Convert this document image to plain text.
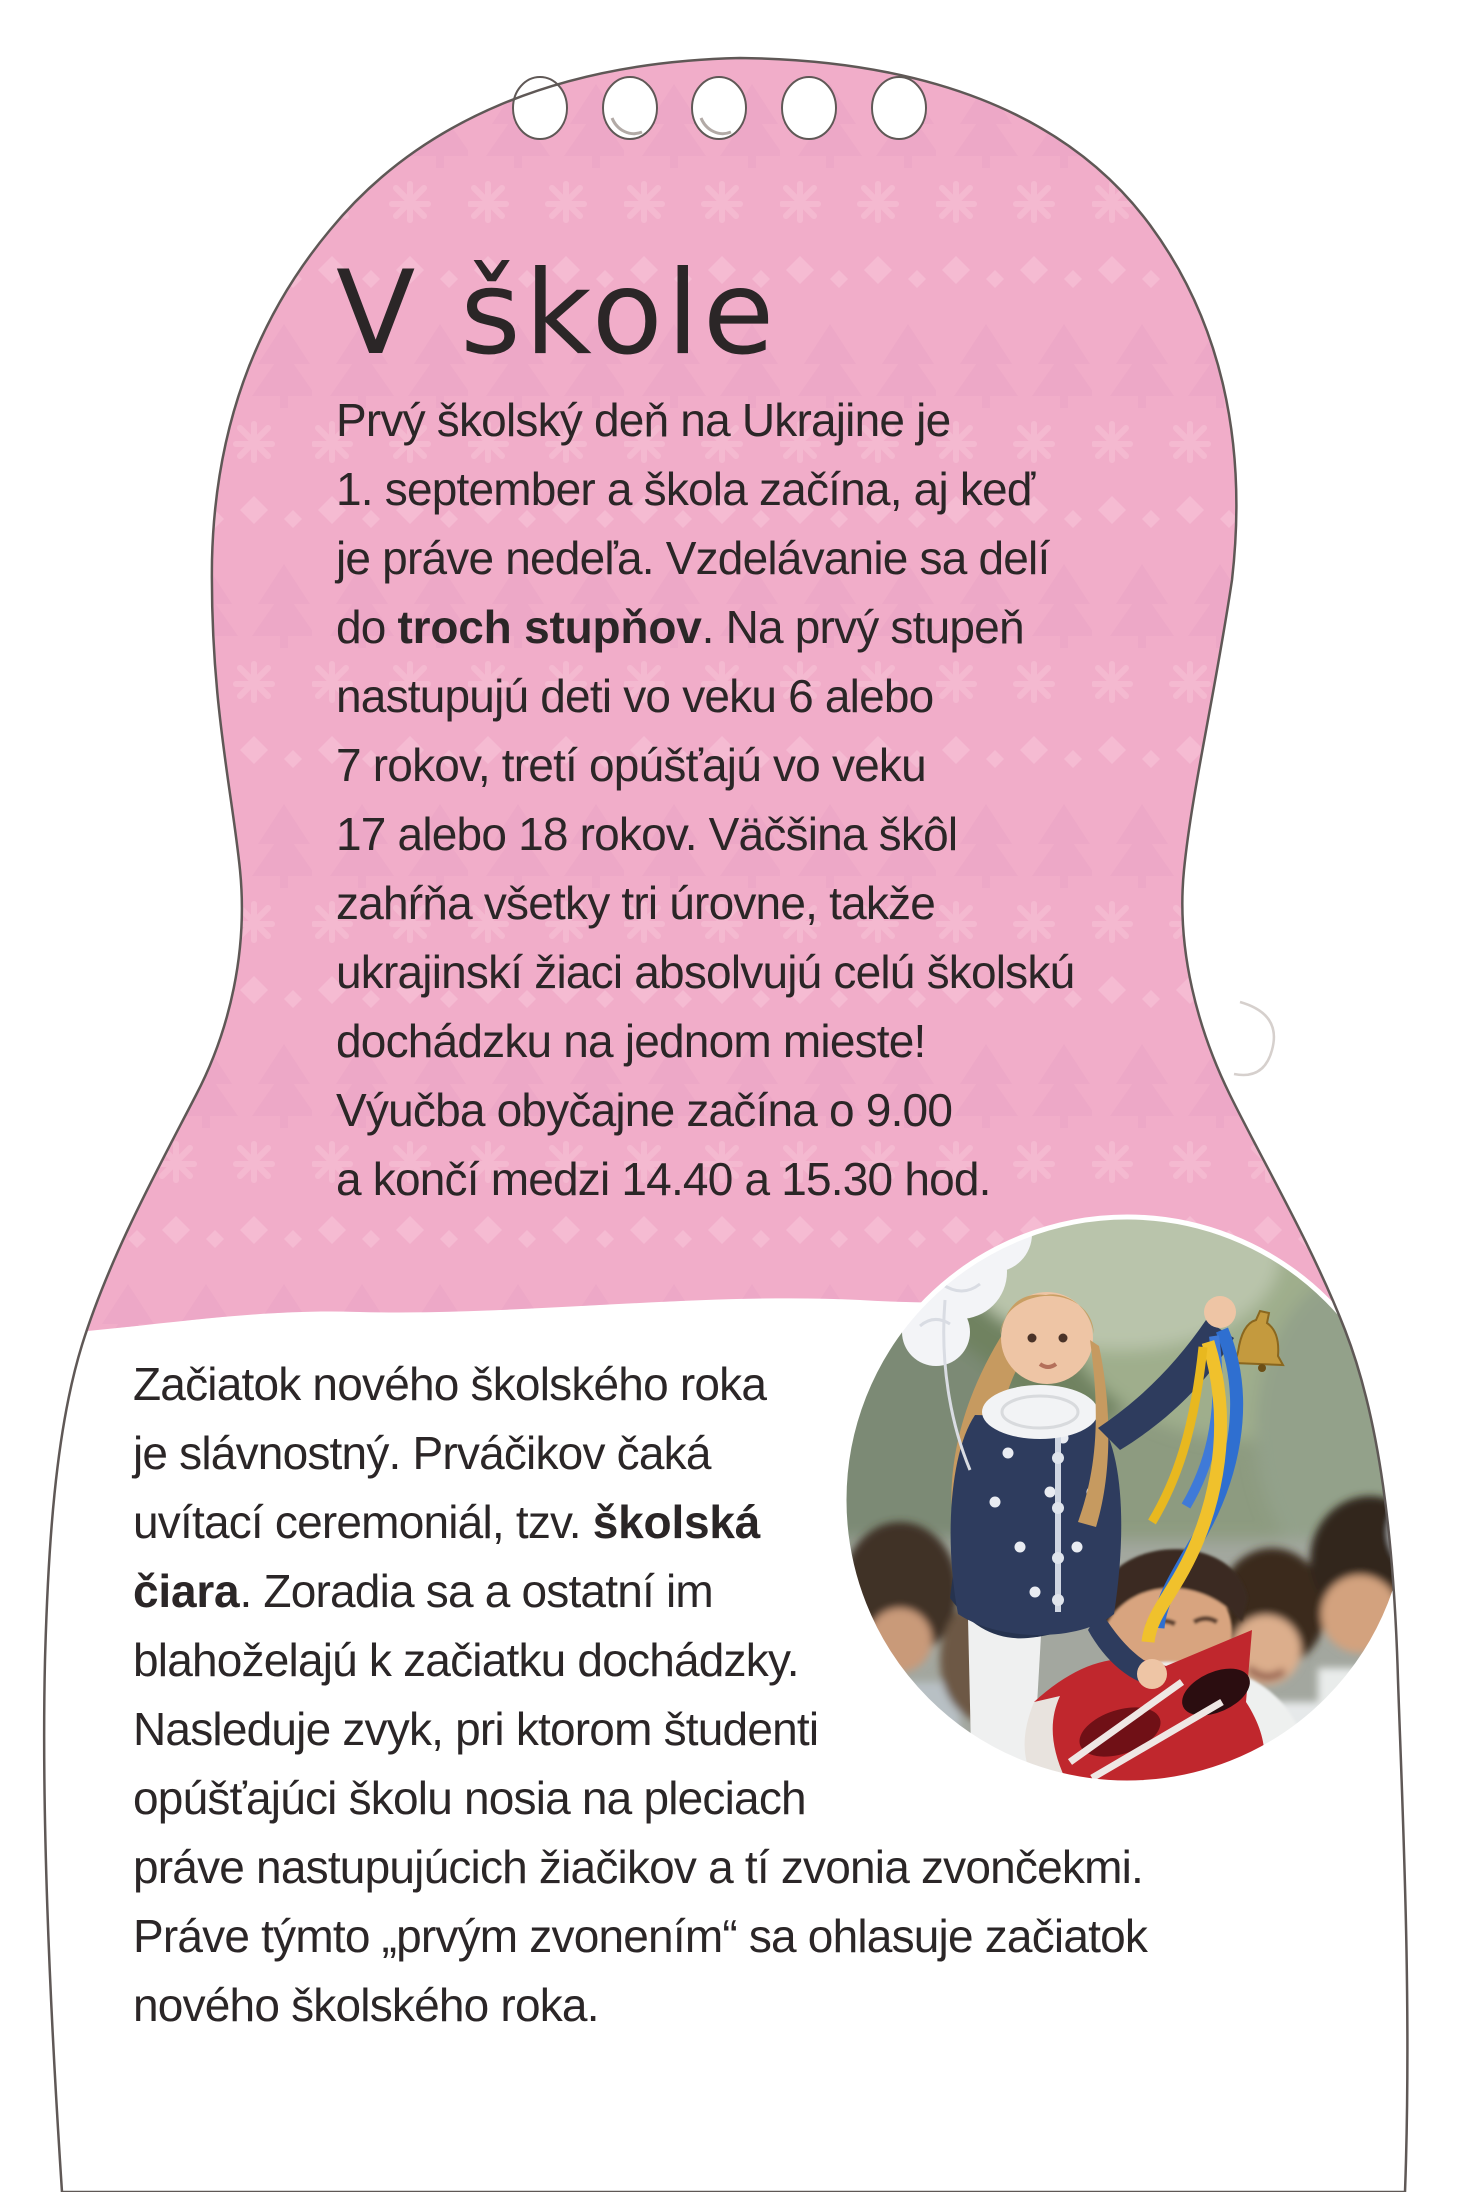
V škole
Prvý školský deň na Ukrajine je
1. september a škola začína, aj keď
je práve nedeľa. Vzdelávanie sa delí
do troch stupňov. Na prvý stupeň
nastupujú deti vo veku 6 alebo
7 rokov, tretí opúšťajú vo veku
17 alebo 18 rokov. Väčšina škôl
zahŕňa všetky tri úrovne, takže
ukrajinskí žiaci absolvujú celú školskú
dochádzku na jednom mieste!
Výučba obyčajne začína o 9.00
a končí medzi 14.40 a 15.30 hod.
Začiatok nového školského roka
je slávnostný. Prváčikov čaká
uvítací ceremoniál, tzv. školská
čiara. Zoradia sa a ostatní im
blahoželajú k začiatku dochádzky.
Nasleduje zvyk, pri ktorom študenti
opúšťajúci školu nosia na pleciach
práve nastupujúcich žiačikov a tí zvonia zvončekmi.
Práve týmto „prvým zvonením“ sa ohlasuje začiatok
nového školského roka.
